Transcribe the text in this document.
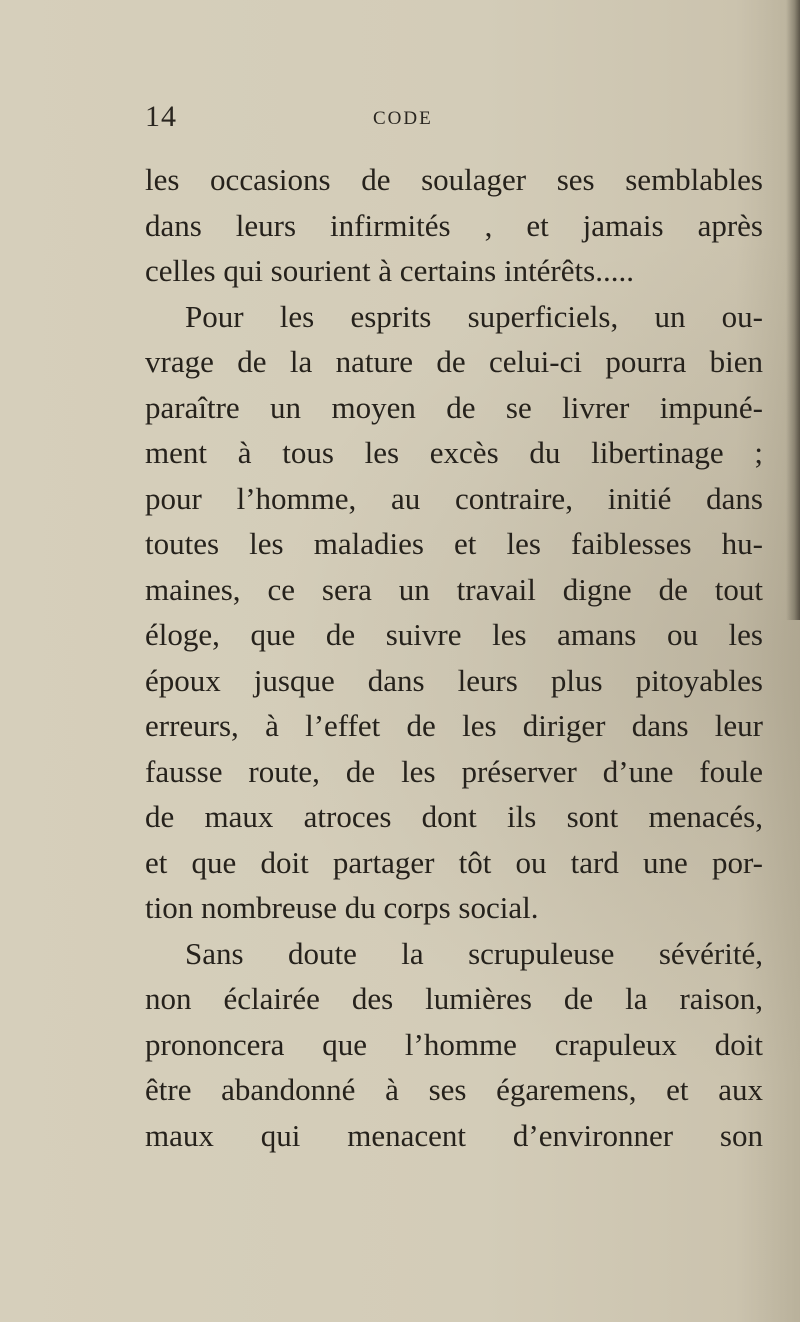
14	CODE
les occasions de soulager ses semblables
dans leurs infirmités , et jamais après
celles qui sourient à certains intérêts.....
Pour les esprits superficiels, un ou-
vrage de la nature de celui-ci pourra bien
paraître un moyen de se livrer impuné-
ment à tous les excès du libertinage ;
pour l’homme, au contraire, initié dans
toutes les maladies et les faiblesses hu-
maines, ce sera un travail digne de tout
éloge, que de suivre les amans ou les
époux jusque dans leurs plus pitoyables
erreurs, à l’effet de les diriger dans leur
fausse route, de les préserver d’une foule
de maux atroces dont ils sont menacés,
et que doit partager tôt ou tard une por-
tion nombreuse du corps social.
Sans doute la scrupuleuse sévérité,
non éclairée des lumières de la raison,
prononcera que l’homme crapuleux doit
être abandonné à ses égaremens, et aux
maux qui menacent d’environner son
